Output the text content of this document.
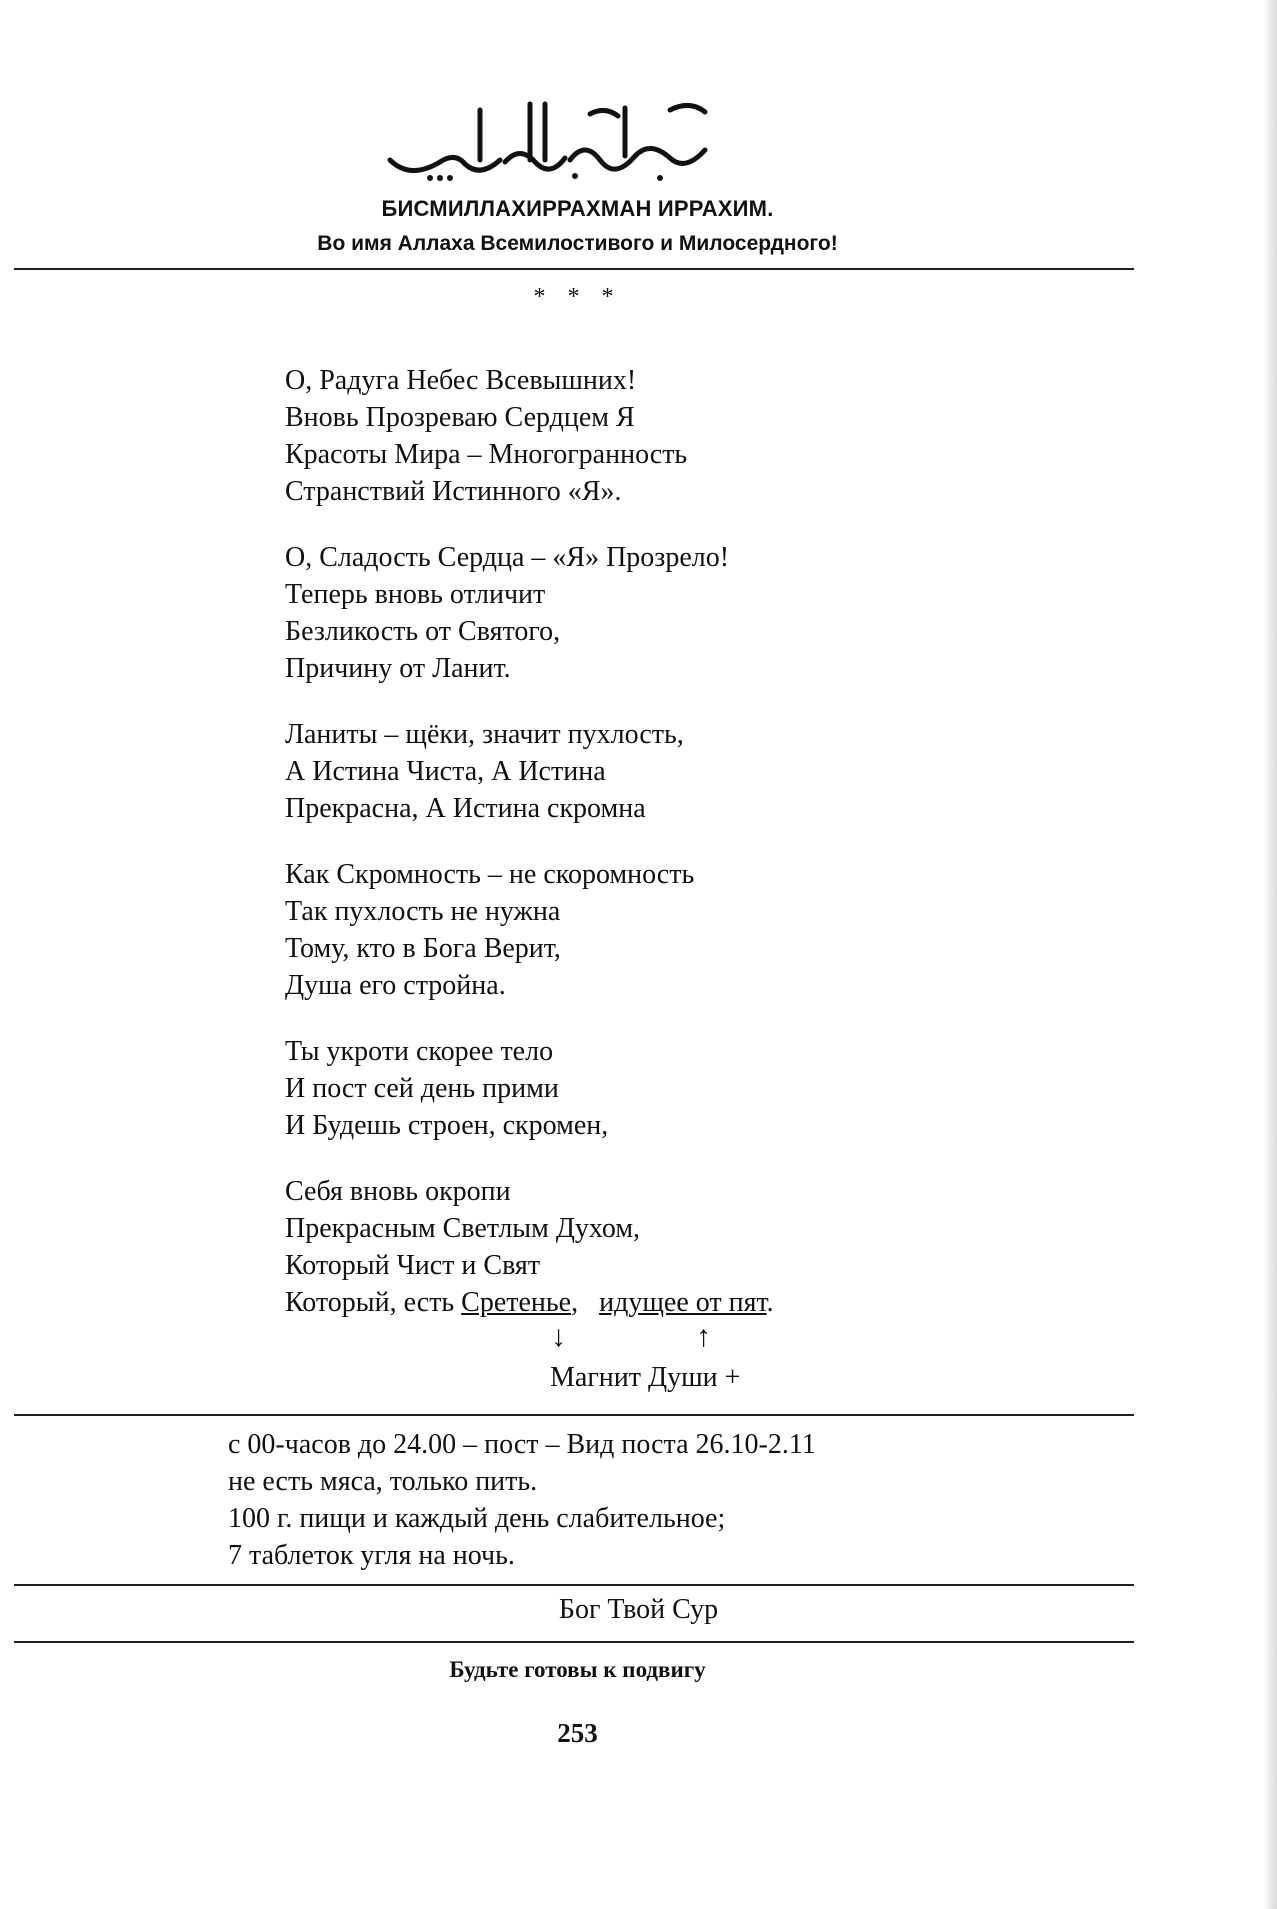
БИСМИЛЛАХИРРАХМАН ИРРАХИМ.
Во имя Аллаха Всемилостивого и Милосердного!
* * *
О, Радуга Небес Всевышних!
Вновь Прозреваю Сердцем Я
Красоты Мира – Многогранность
Странствий Истинного «Я».
О, Сладость Сердца – «Я» Прозрело!
Теперь вновь отличит
Безликость от Святого,
Причину от Ланит.
Ланиты – щёки, значит пухлость,
А Истина Чиста, А Истина
Прекрасна, А Истина скромна
Как Скромность – не скоромность
Так пухлость не нужна
Тому, кто в Бога Верит,
Душа его стройна.
Ты укроти скорее тело
И пост сей день прими
И Будешь строен, скромен,
Себя вновь окропи
Прекрасным Светлым Духом,
Который Чист и Свят
Который, есть Сретенье,   идущее от пят.
↓	↑
Магнит Души +
с 00-часов до 24.00 – пост – Вид поста 26.10-2.11
не есть мяса, только пить.
100 г. пищи и каждый день слабительное;
7 таблеток угля на ночь.
Бог Твой Сур
Будьте готовы к подвигу
253
